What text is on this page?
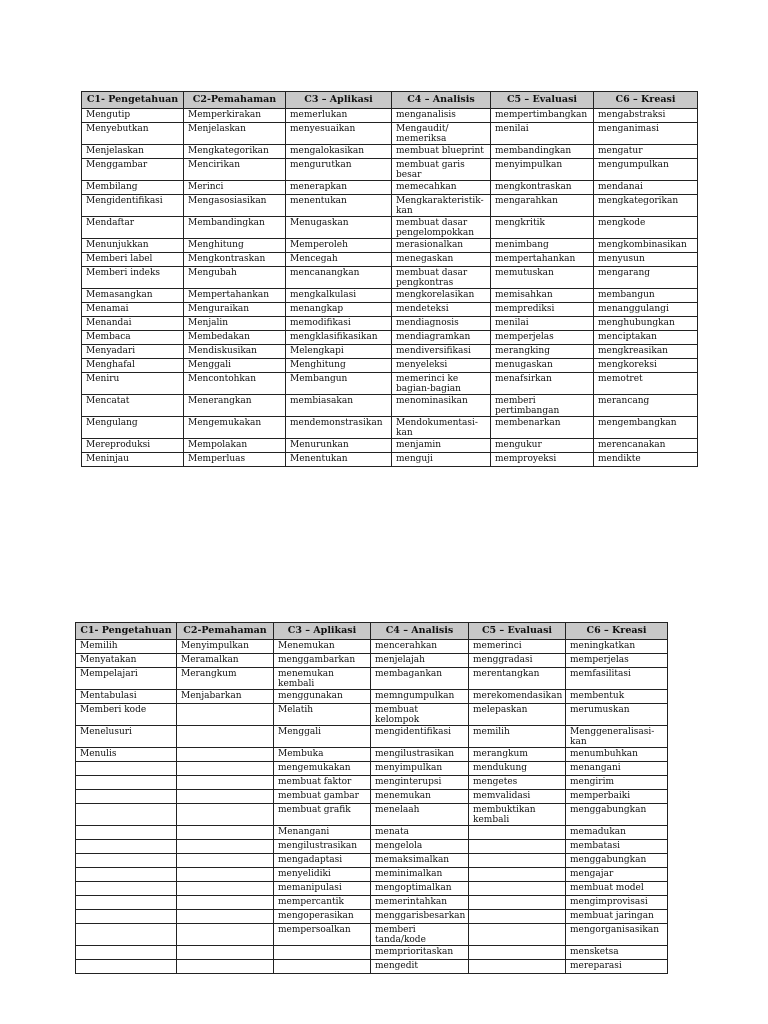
C1- Pengetahuan	C2-Pemahaman	C3 – Aplikasi	C4 – Analisis	C5 – Evaluasi	C6 – Kreasi
Mengutip	Memperkirakan	memerlukan	menganalisis	mempertimbangkan	mengabstraksi
Menyebutkan	Menjelaskan	menyesuaikan	Mengaudit/ memeriksa	menilai	menganimasi
Menjelaskan	Mengkategorikan	mengalokasikan	membuat blueprint	membandingkan	mengatur
Menggambar	Mencirikan	mengurutkan	membuat garis besar	menyimpulkan	mengumpulkan
Membilang	Merinci	menerapkan	memecahkan	mengkontraskan	mendanai
Mengidentifikasi	Mengasosiasikan	menentukan	Mengkarakteristik-kan	mengarahkan	mengkategorikan
Mendaftar	Membandingkan	Menugaskan	membuat dasar pengelompokkan	mengkritik	mengkode
Menunjukkan	Menghitung	Memperoleh	merasionalkan	menimbang	mengkombinasikan
Memberi label	Mengkontraskan	Mencegah	menegaskan	mempertahankan	menyusun
Memberi indeks	Mengubah	mencanangkan	membuat dasar pengkontras	memutuskan	mengarang
Memasangkan	Mempertahankan	mengkalkulasi	mengkorelasikan	memisahkan	membangun
Menamai	Menguraikan	menangkap	mendeteksi	memprediksi	menanggulangi
Menandai	Menjalin	memodifikasi	mendiagnosis	menilai	menghubungkan
Membaca	Membedakan	mengklasifikasikan	mendiagramkan	memperjelas	menciptakan
Menyadari	Mendiskusikan	Melengkapi	mendiversifikasi	merangking	mengkreasikan
Menghafal	Menggali	Menghitung	menyeleksi	menugaskan	mengkoreksi
Meniru	Mencontohkan	Membangun	memerinci ke bagian-bagian	menafsirkan	memotret
Mencatat	Menerangkan	membiasakan	menominasikan	memberi pertimbangan	merancang
Mengulang	Mengemukakan	mendemonstrasikan	Mendokumentasi-kan	membenarkan	mengembangkan
Mereproduksi	Mempolakan	Menurunkan	menjamin	mengukur	merencanakan
Meninjau	Memperluas	Menentukan	menguji	memproyeksi	mendikte
C1- Pengetahuan	C2-Pemahaman	C3 – Aplikasi	C4 – Analisis	C5 – Evaluasi	C6 – Kreasi
Memilih	Menyimpulkan	Menemukan	mencerahkan	memerinci	meningkatkan
Menyatakan	Meramalkan	menggambarkan	menjelajah	menggradasi	memperjelas
Mempelajari	Merangkum	menemukan kembali	membagankan	merentangkan	memfasilitasi
Mentabulasi	Menjabarkan	menggunakan	memngumpulkan	merekomendasikan	membentuk
Memberi kode		Melatih	membuat kelompok	melepaskan	merumuskan
Menelusuri		Menggali	mengidentifikasi	memilih	Menggeneralisasi-kan
Menulis		Membuka	mengilustrasikan	merangkum	menumbuhkan
		mengemukakan	menyimpulkan	mendukung	menangani
		membuat faktor	menginterupsi	mengetes	mengirim
		membuat gambar	menemukan	memvalidasi	memperbaiki
		membuat grafik	menelaah	membuktikan kembali	menggabungkan
		Menangani	menata		memadukan
		mengilustrasikan	mengelola		membatasi
		mengadaptasi	memaksimalkan		menggabungkan
		menyelidiki	meminimalkan		mengajar
		memanipulasi	mengoptimalkan		membuat model
		mempercantik	memerintahkan		mengimprovisasi
		mengoperasikan	menggarisbesarkan		membuat jaringan
		mempersoalkan	memberi tanda/kode		mengorganisasikan
			memprioritaskan		mensketsa
			mengedit		mereparasi
